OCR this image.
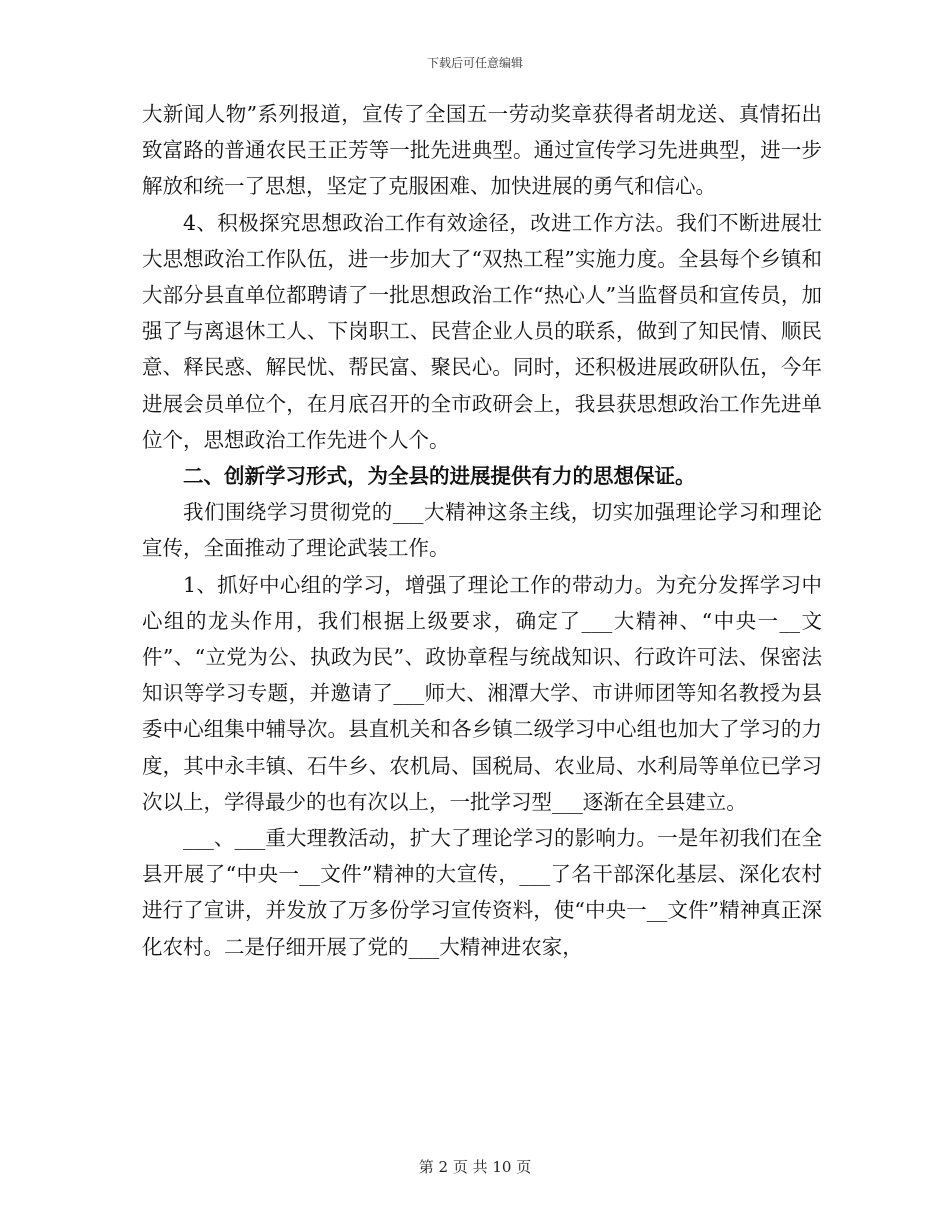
下载后可任意编辑

大新闻人物”系列报道，宣传了全国五一劳动奖章获得者胡龙送、真情拓出致富路的普通农民王正芳等一批先进典型。通过宣传学习先进典型，进一步解放和统一了思想，坚定了克服困难、加快进展的勇气和信心。

4、积极探究思想政治工作有效途径，改进工作方法。我们不断进展壮大思想政治工作队伍，进一步加大了“双热工程”实施力度。全县每个乡镇和大部分县直单位都聘请了一批思想政治工作“热心人”当监督员和宣传员，加强了与离退休工人、下岗职工、民营企业人员的联系，做到了知民情、顺民意、释民惑、解民忧、帮民富、聚民心。同时，还积极进展政研队伍，今年进展会员单位个，在月底召开的全市政研会上，我县获思想政治工作先进单位个，思想政治工作先进个人个。

二、创新学习形式，为全县的进展提供有力的思想保证。

我们围绕学习贯彻党的___大精神这条主线，切实加强理论学习和理论宣传，全面推动了理论武装工作。

1、抓好中心组的学习，增强了理论工作的带动力。为充分发挥学习中心组的龙头作用，我们根据上级要求，确定了___大精神、“中央一__文件”、“立党为公、执政为民”、政协章程与统战知识、行政许可法、保密法知识等学习专题，并邀请了___师大、湘潭大学、市讲师团等知名教授为县委中心组集中辅导次。县直机关和各乡镇二级学习中心组也加大了学习的力度，其中永丰镇、石牛乡、农机局、国税局、农业局、水利局等单位已学习次以上，学得最少的也有次以上，一批学习型___逐渐在全县建立。

___、___重大理教活动，扩大了理论学习的影响力。一是年初我们在全县开展了“中央一__文件”精神的大宣传，___了名干部深化基层、深化农村进行了宣讲，并发放了万多份学习宣传资料，使“中央一__文件”精神真正深化农村。二是仔细开展了党的___大精神进农家，

第 2 页 共 10 页
